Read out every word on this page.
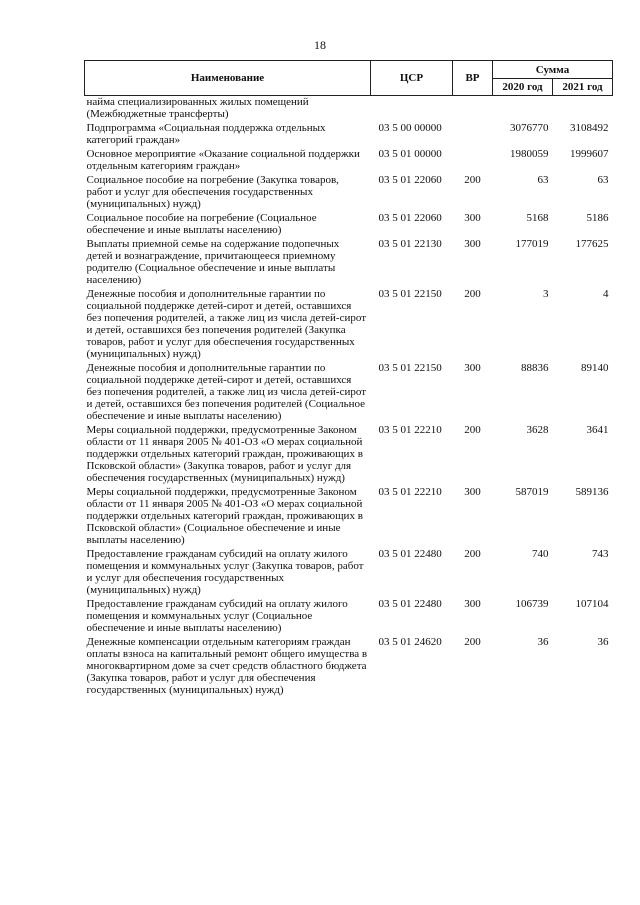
18
Наименование	ЦСР	ВР	Сумма	
			2020 год	2021 год
найма специализированных жилых помещений (Межбюджетные трансферты)				
Подпрограмма «Социальная поддержка отдельных категорий граждан»	03 5 00 00000		3076770	3108492
Основное мероприятие «Оказание социальной поддержки отдельным категориям граждан»	03 5 01 00000		1980059	1999607
Социальное пособие на погребение (Закупка товаров, работ и услуг для обеспечения государственных (муниципальных) нужд)	03 5 01 22060	200	63	63
Социальное пособие на погребение (Социальное обеспечение и иные выплаты населению)	03 5 01 22060	300	5168	5186
Выплаты приемной семье на содержание подопечных детей и вознаграждение, причитающееся приемному родителю (Социальное обеспечение и иные выплаты населению)	03 5 01 22130	300	177019	177625
Денежные пособия и дополнительные гарантии по социальной поддержке детей-сирот и детей, оставшихся без попечения родителей, а также лиц из числа детей-сирот и детей, оставшихся без попечения родителей (Закупка товаров, работ и услуг для обеспечения государственных (муниципальных) нужд)	03 5 01 22150	200	3	4
Денежные пособия и дополнительные гарантии по социальной поддержке детей-сирот и детей, оставшихся без попечения родителей, а также лиц из числа детей-сирот и детей, оставшихся без попечения родителей (Социальное обеспечение и иные выплаты населению)	03 5 01 22150	300	88836	89140
Меры социальной поддержки, предусмотренные Законом области от 11 января 2005 № 401-ОЗ «О мерах социальной поддержки отдельных категорий граждан, проживающих в Псковской области» (Закупка товаров, работ и услуг для обеспечения государственных (муниципальных) нужд)	03 5 01 22210	200	3628	3641
Меры социальной поддержки, предусмотренные Законом области от 11 января 2005 № 401-ОЗ «О мерах социальной поддержки отдельных категорий граждан, проживающих в Псковской области» (Социальное обеспечение и иные выплаты населению)	03 5 01 22210	300	587019	589136
Предоставление гражданам субсидий на оплату жилого помещения и коммунальных услуг (Закупка товаров, работ и услуг для обеспечения государственных (муниципальных) нужд)	03 5 01 22480	200	740	743
Предоставление гражданам субсидий на оплату жилого помещения и коммунальных услуг (Социальное обеспечение и иные выплаты населению)	03 5 01 22480	300	106739	107104
Денежные компенсации отдельным категориям граждан оплаты взноса на капитальный ремонт общего имущества в многоквартирном доме за счет средств областного бюджета (Закупка товаров, работ и услуг для обеспечения государственных (муниципальных) нужд)	03 5 01 24620	200	36	36
